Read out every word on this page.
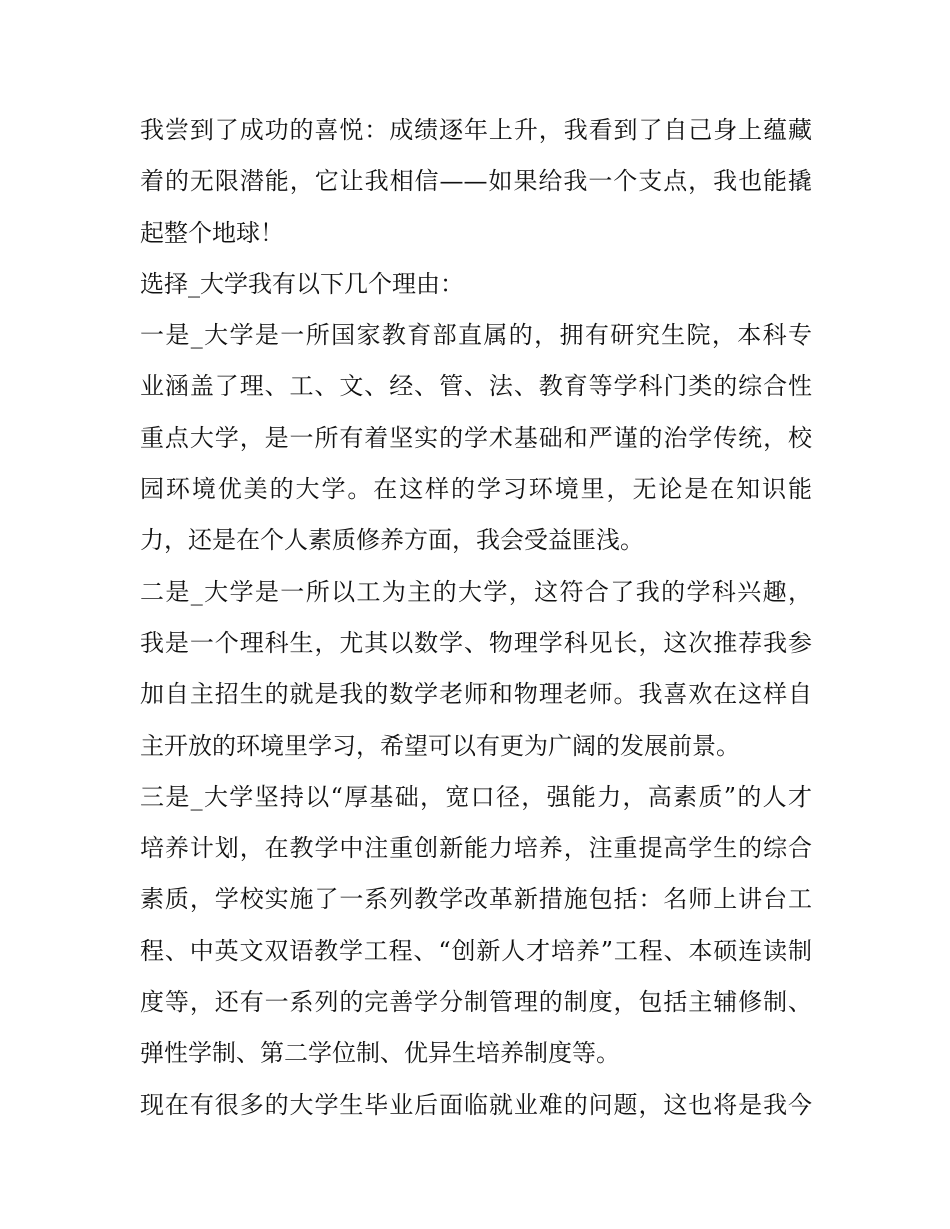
我尝到了成功的喜悦：成绩逐年上升，我看到了自己身上蕴藏
着的无限潜能，它让我相信——如果给我一个支点，我也能撬
起整个地球！
选择_大学我有以下几个理由：
一是_大学是一所国家教育部直属的，拥有研究生院，本科专
业涵盖了理、工、文、经、管、法、教育等学科门类的综合性
重点大学，是一所有着坚实的学术基础和严谨的治学传统，校
园环境优美的大学。在这样的学习环境里，无论是在知识能
力，还是在个人素质修养方面，我会受益匪浅。
二是_大学是一所以工为主的大学，这符合了我的学科兴趣，
我是一个理科生，尤其以数学、物理学科见长，这次推荐我参
加自主招生的就是我的数学老师和物理老师。我喜欢在这样自
主开放的环境里学习，希望可以有更为广阔的发展前景。
三是_大学坚持以“厚基础，宽口径，强能力，高素质”的人才
培养计划，在教学中注重创新能力培养，注重提高学生的综合
素质，学校实施了一系列教学改革新措施包括：名师上讲台工
程、中英文双语教学工程、“创新人才培养”工程、本硕连读制
度等，还有一系列的完善学分制管理的制度，包括主辅修制、
弹性学制、第二学位制、优异生培养制度等。
现在有很多的大学生毕业后面临就业难的问题，这也将是我今
